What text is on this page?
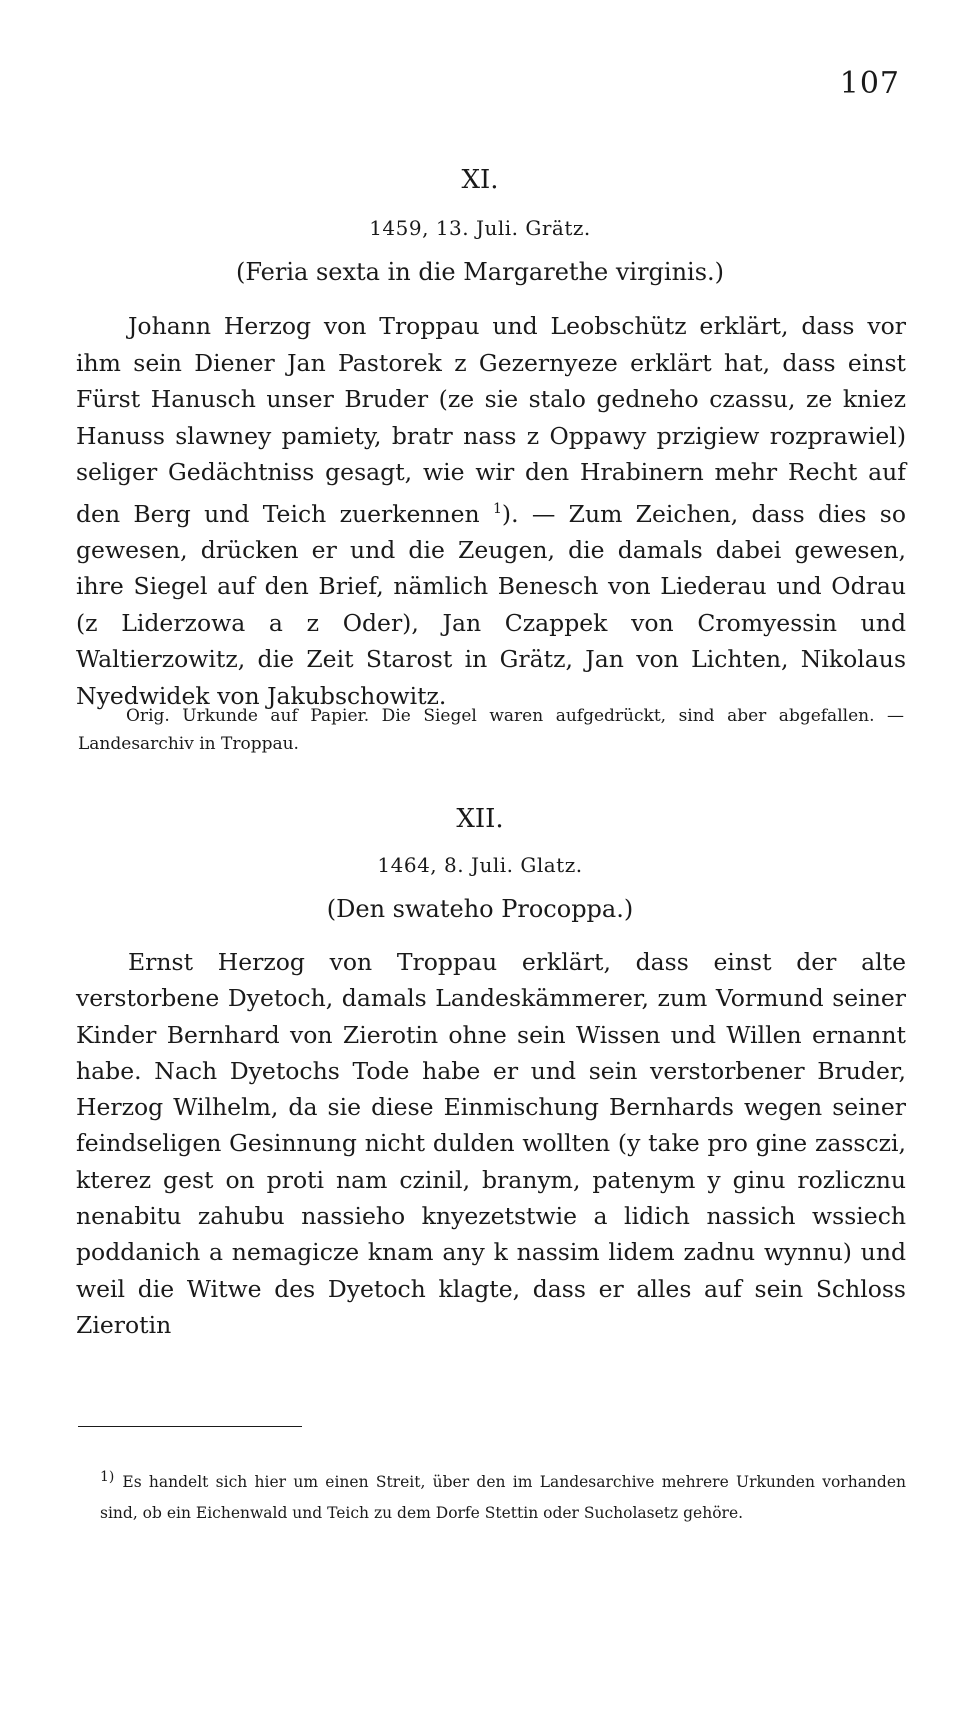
107
XI.
1459, 13. Juli. Grätz.
(Feria sexta in die Margarethe virginis.)
Johann Herzog von Troppau und Leobschütz erklärt, dass vor ihm sein Diener Jan Pastorek z Gezernyeze erklärt hat, dass einst Fürst Hanusch unser Bruder (ze sie stalo gedneho czassu, ze kniez Hanuss slawney pamiety, bratr nass z Oppawy przigiew rozprawiel) seliger Gedächtniss gesagt, wie wir den Hrabinern mehr Recht auf den Berg und Teich zuerkennen $^1$). — Zum Zeichen, dass dies so gewesen, drücken er und die Zeugen, die damals dabei gewesen, ihre Siegel auf den Brief, nämlich Benesch von Liederau und Odrau (z Liderzowa a z Oder), Jan Czappek von Cromyessin und Waltierzowitz, die Zeit Starost in Grätz, Jan von Lichten, Nikolaus Nyedwidek von Jakubschowitz.
Orig. Urkunde auf Papier. Die Siegel waren aufgedrückt, sind aber abgefallen. — Landesarchiv in Troppau.
XII.
1464, 8. Juli. Glatz.
(Den swateho Procoppa.)
Ernst Herzog von Troppau erklärt, dass einst der alte verstorbene Dyetoch, damals Landeskämmerer, zum Vormund seiner Kinder Bernhard von Zierotin ohne sein Wissen und Willen ernannt habe. Nach Dyetochs Tode habe er und sein verstorbener Bruder, Herzog Wilhelm, da sie diese Einmischung Bernhards wegen seiner feindseligen Gesinnung nicht dulden wollten (y take pro gine zassczi, kterez gest on proti nam czinil, branym, patenym y ginu rozlicznu nenabitu zahubu nassieho knyezetstwie a lidich nassich wssiech poddanich a nemagicze knam any k nassim lidem zadnu wynnu) und weil die Witwe des Dyetoch klagte, dass er alles auf sein Schloss Zierotin
$^{1)}$ Es handelt sich hier um einen Streit, über den im Landesarchive mehrere Urkunden vorhanden sind, ob ein Eichenwald und Teich zu dem Dorfe Stettin oder Sucholasetz gehöre.
